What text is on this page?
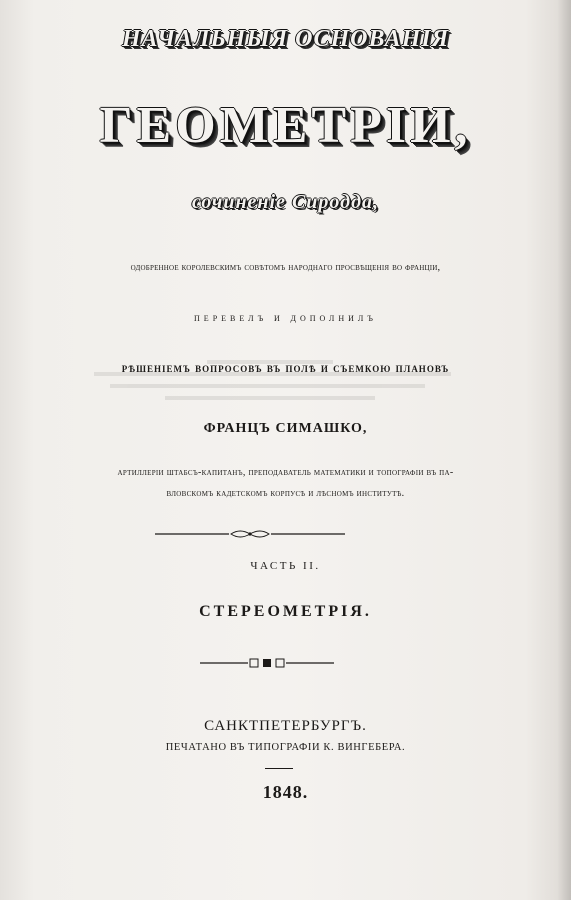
НАЧАЛЬНЫЯ ОСНОВАНІЯ
ГЕОМЕТРІИ,
сочиненіе Сиродда,
одобренное королевскимъ совѣтомъ народнаго просвѣщенія во франціи,
перевелъ и дополнилъ
рѣшеніемъ вопросовъ въ полѣ и съемкою плановъ
ФРАНЦЪ СИМАШКО,
артиллеріи штабсъ-капитанъ, преподаватель математики и топографіи въ па-
вловскомъ кадетскомъ корпусѣ и лѣсномъ институтѣ.
ЧАСТЬ II.
СТЕРЕОМЕТРІЯ.
САНКТПЕТЕРБУРГЪ.
ПЕЧАТАНО ВЪ ТИПОГРАФІИ К. ВИНГЕБЕРА.
1848.
